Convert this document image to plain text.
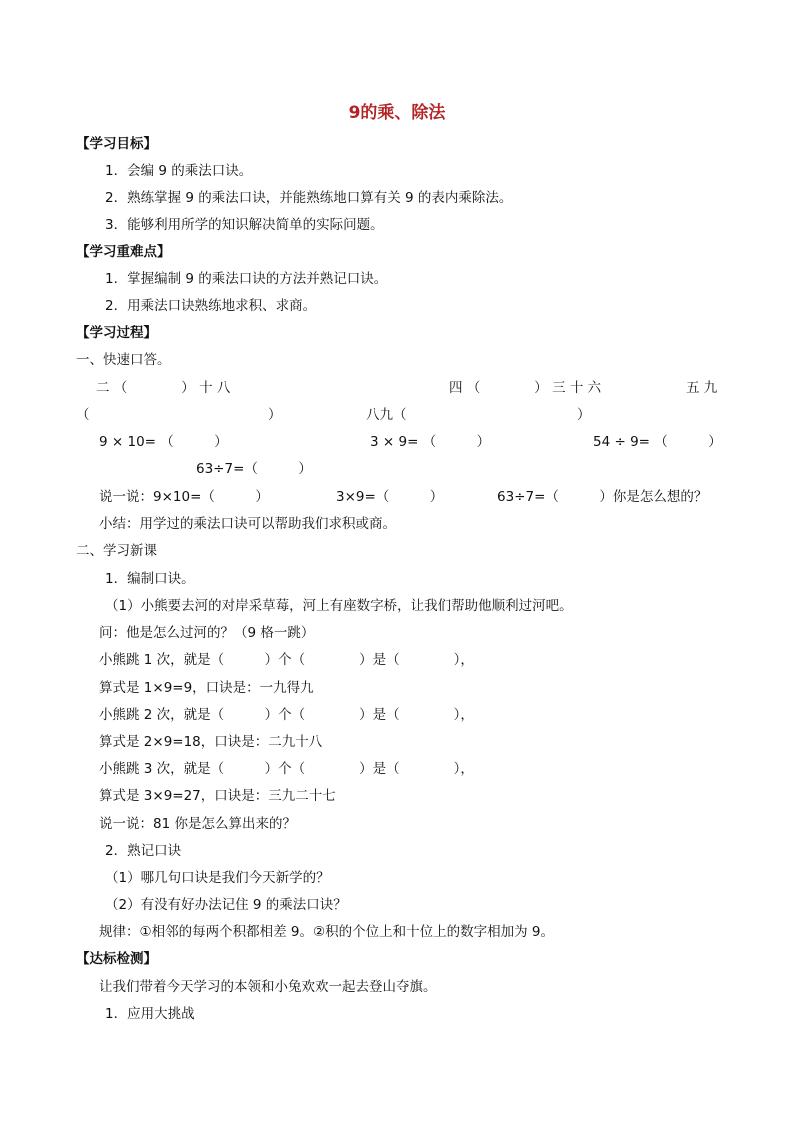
9的乘、除法
【学习目标】
1．会编 9 的乘法口诀。
2．熟练掌握 9 的乘法口诀，并能熟练地口算有关 9 的表内乘除法。
3．能够利用所学的知识解决简单的实际问题。
【学习重难点】
1．掌握编制 9 的乘法口诀的方法并熟记口诀。
2．用乘法口诀熟练地求积、求商。
【学习过程】
一、快速口答。
二 （　　　　） 十 八	四 （　　　　） 三 十 六	五 九
（	）	八九（	）
9 × 10= （　　　）	3 × 9= （　　　）	54 ÷ 9= （　　　）
63÷7=（　　　）
说一说：9×10=（　　　）	3×9=（　　　）	63÷7=（　　　）你是怎么想的？
小结：用学过的乘法口诀可以帮助我们求积或商。
二、学习新课
1．编制口诀。
（1）小熊要去河的对岸采草莓，河上有座数字桥，让我们帮助他顺利过河吧。
问：他是怎么过河的？（9 格一跳）
小熊跳 1 次，就是（　　　）个（　　　　）是（　　　　），
算式是 1×9=9，口诀是：一九得九
小熊跳 2 次，就是（　　　）个（　　　　）是（　　　　），
算式是 2×9=18，口诀是：二九十八
小熊跳 3 次，就是（　　　）个（　　　　）是（　　　　），
算式是 3×9=27，口诀是：三九二十七
说一说：81 你是怎么算出来的？
2．熟记口诀
（1）哪几句口诀是我们今天新学的？
（2）有没有好办法记住 9 的乘法口诀？
规律：①相邻的每两个积都相差 9。②积的个位上和十位上的数字相加为 9。
【达标检测】
让我们带着今天学习的本领和小兔欢欢一起去登山夺旗。
1．应用大挑战
